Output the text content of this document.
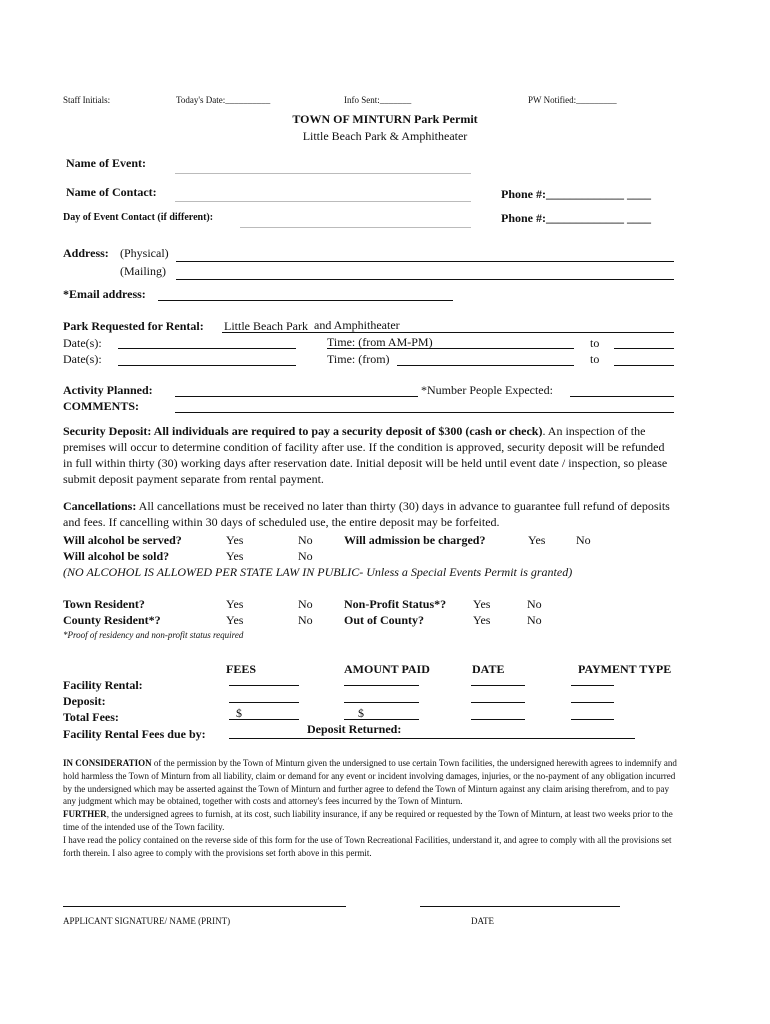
Staff Initials:	Today's Date:__________	Info Sent:_______	PW Notified:_________
TOWN OF MINTURN Park Permit
Little Beach Park & Amphitheater
Name of Event:
Name of Contact:	Phone #:_____________ ____
Day of Event Contact (if different):	Phone #:_____________ ____
Address: (Physical)
(Mailing)
*Email address:
Park Requested for Rental: Little Beach Park and Amphitheater
Date(s):	Time: (from AM-PM)	to
Date(s):	Time: (from)	to
Activity Planned:	*Number People Expected:
COMMENTS:
Security Deposit: All individuals are required to pay a security deposit of $300 (cash or check). An inspection of the premises will occur to determine condition of facility after use. If the condition is approved, security deposit will be refunded in full within thirty (30) working days after reservation date. Initial deposit will be held until event date / inspection, so please submit deposit payment separate from rental payment.
Cancellations: All cancellations must be received no later than thirty (30) days in advance to guarantee full refund of deposits and fees. If cancelling within 30 days of scheduled use, the entire deposit may be forfeited.
Will alcohol be served?	Yes	No	Will admission be charged?	Yes	No
Will alcohol be sold?	Yes	No
(NO ALCOHOL IS ALLOWED PER STATE LAW IN PUBLIC- Unless a Special Events Permit is granted)
Town Resident?	Yes	No	Non-Profit Status*? Yes	No
County Resident*?	Yes	No	Out of County?	Yes	No
*Proof of residency and non-profit status required
FEES	AMOUNT PAID	DATE	PAYMENT TYPE
Facility Rental:
Deposit:
Total Fees:	$	$
Facility Rental Fees due by:	Deposit Returned:
IN CONSIDERATION of the permission by the Town of Minturn given the undersigned to use certain Town facilities, the undersigned herewith agrees to indemnify and hold harmless the Town of Minturn from all liability, claim or demand for any event or incident involving damages, injuries, or the no-payment of any obligation incurred by the undersigned which may be asserted against the Town of Minturn and further agree to defend the Town of Minturn against any claim arising therefrom, and to pay any judgment which may be obtained, together with costs and attorney's fees incurred by the Town of Minturn.
FURTHER, the undersigned agrees to furnish, at its cost, such liability insurance, if any be required or requested by the Town of Minturn, at least two weeks prior to the time of the intended use of the Town facility.
I have read the policy contained on the reverse side of this form for the use of Town Recreational Facilities, understand it, and agree to comply with all the provisions set forth therein. I also agree to comply with the provisions set forth above in this permit.
APPLICANT SIGNATURE/ NAME (PRINT)	DATE
